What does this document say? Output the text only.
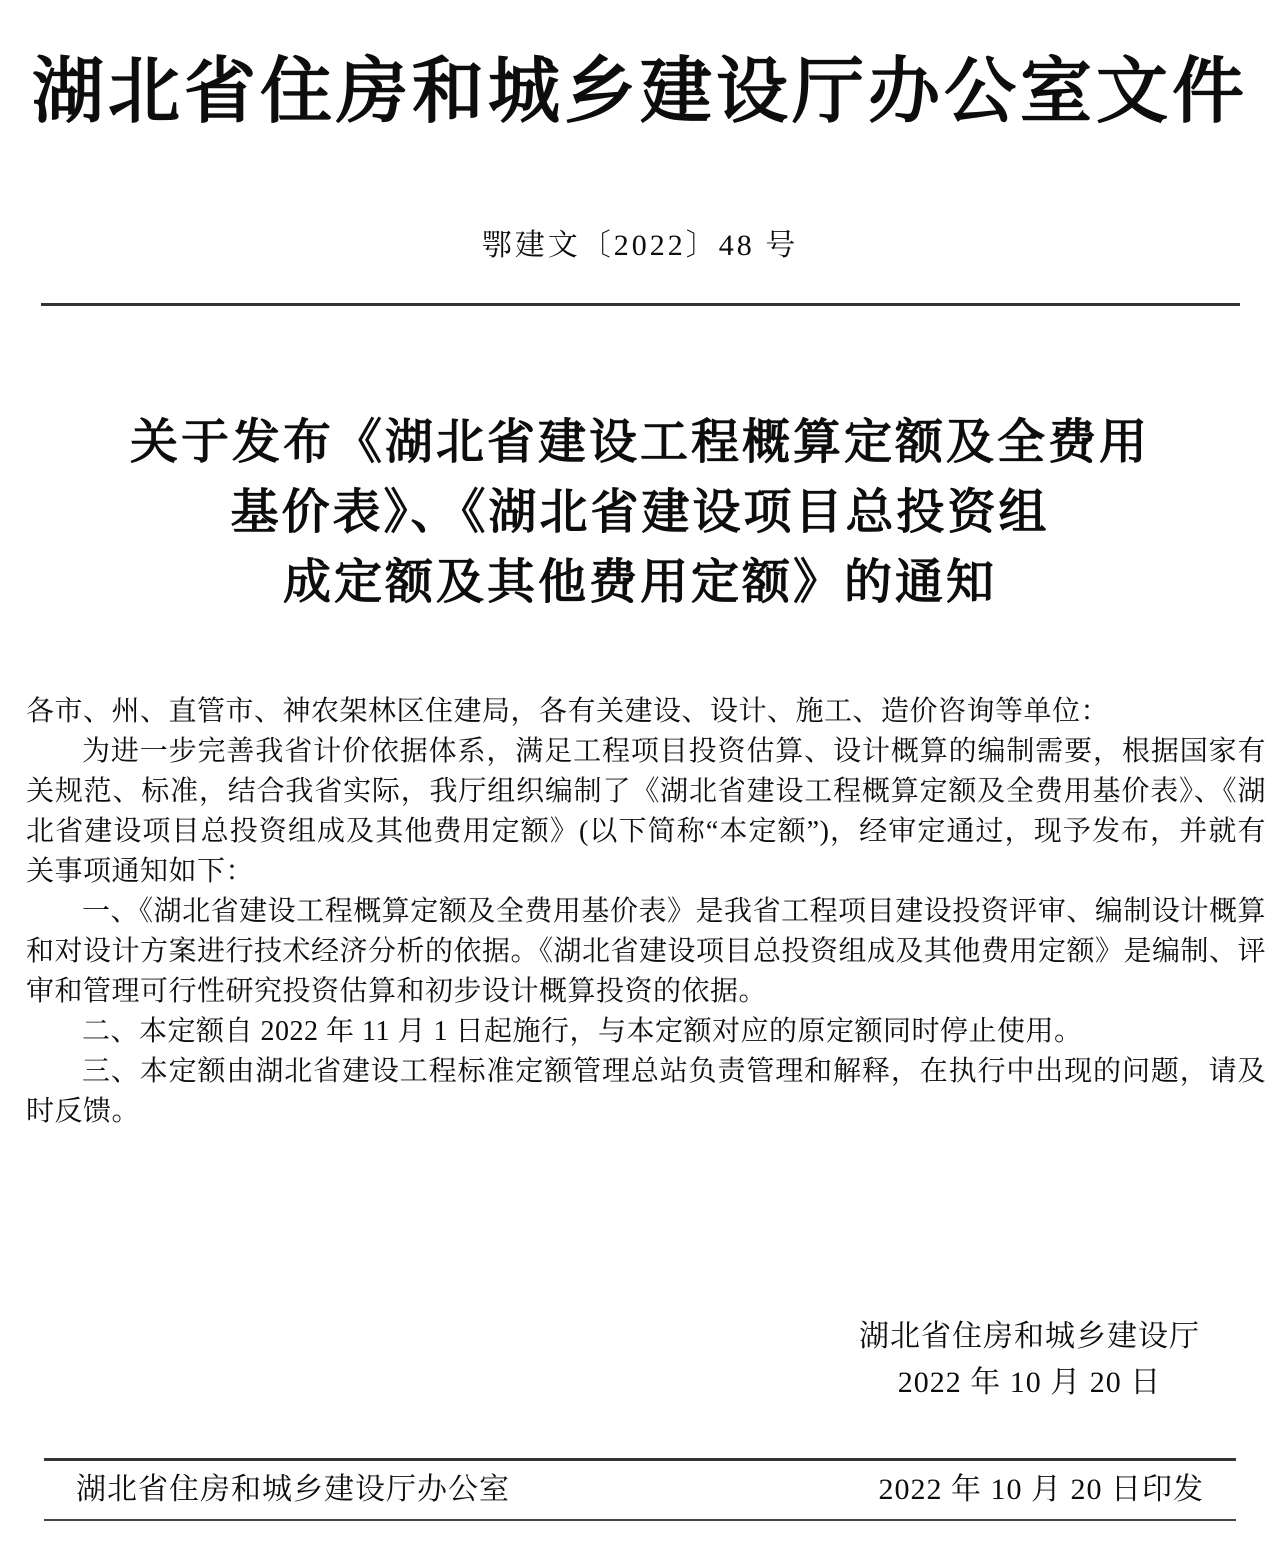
湖北省住房和城乡建设厅办公室文件
鄂建文〔2022〕48 号
关于发布《湖北省建设工程概算定额及全费用
基价表》、《湖北省建设项目总投资组
成定额及其他费用定额》的通知

各市、州、直管市、神农架林区住建局，各有关建设、设计、施工、造价咨询等单位：

为进一步完善我省计价依据体系，满足工程项目投资估算、设计概算的编制需要，根据国家有关规范、标准，结合我省实际，我厅组织编制了《湖北省建设工程概算定额及全费用基价表》、《湖北省建设项目总投资组成及其他费用定额》(以下简称“本定额”)，经审定通过，现予发布，并就有关事项通知如下：

一、《湖北省建设工程概算定额及全费用基价表》是我省工程项目建设投资评审、编制设计概算和对设计方案进行技术经济分析的依据。《湖北省建设项目总投资组成及其他费用定额》是编制、评审和管理可行性研究投资估算和初步设计概算投资的依据。

二、本定额自 2022 年 11 月 1 日起施行，与本定额对应的原定额同时停止使用。

三、本定额由湖北省建设工程标准定额管理总站负责管理和解释，在执行中出现的问题，请及时反馈。

湖北省住房和城乡建设厅
2022 年 10 月 20 日
湖北省住房和城乡建设厅办公室	2022 年 10 月 20 日印发
